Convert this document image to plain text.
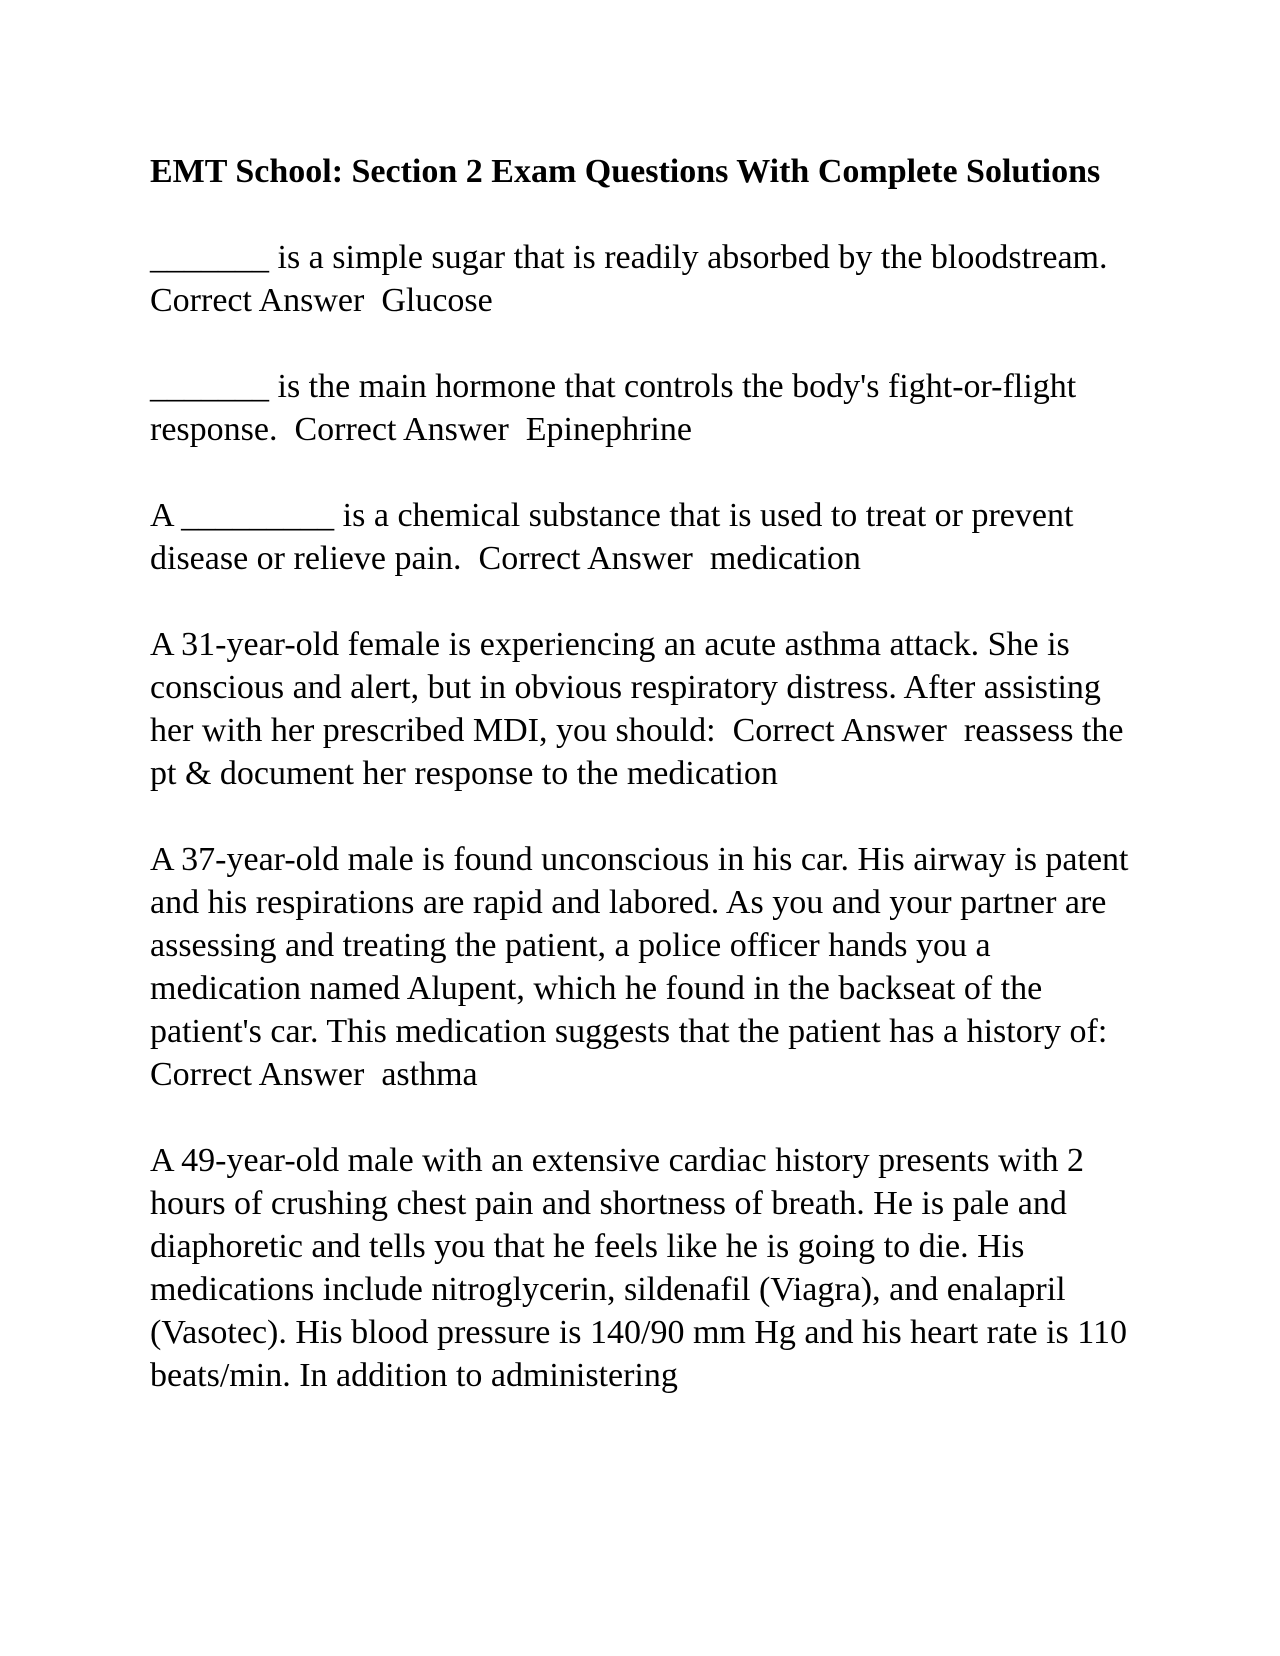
EMT School: Section 2 Exam Questions With Complete Solutions

_______ is a simple sugar that is readily absorbed by the bloodstream.  Correct Answer  Glucose

_______ is the main hormone that controls the body's fight-or-flight response.  Correct Answer  Epinephrine

A _________ is a chemical substance that is used to treat or prevent disease or relieve pain.  Correct Answer  medication

A 31-year-old female is experiencing an acute asthma attack. She is conscious and alert, but in obvious respiratory distress. After assisting her with her prescribed MDI, you should:  Correct Answer  reassess the pt & document her response to the medication

A 37-year-old male is found unconscious in his car. His airway is patent and his respirations are rapid and labored. As you and your partner are assessing and treating the patient, a police officer hands you a medication named Alupent, which he found in the backseat of the patient's car. This medication suggests that the patient has a history of:  Correct Answer  asthma

A 49-year-old male with an extensive cardiac history presents with 2 hours of crushing chest pain and shortness of breath. He is pale and diaphoretic and tells you that he feels like he is going to die. His medications include nitroglycerin, sildenafil (Viagra), and enalapril (Vasotec). His blood pressure is 140/90 mm Hg and his heart rate is 110 beats/min. In addition to administering
